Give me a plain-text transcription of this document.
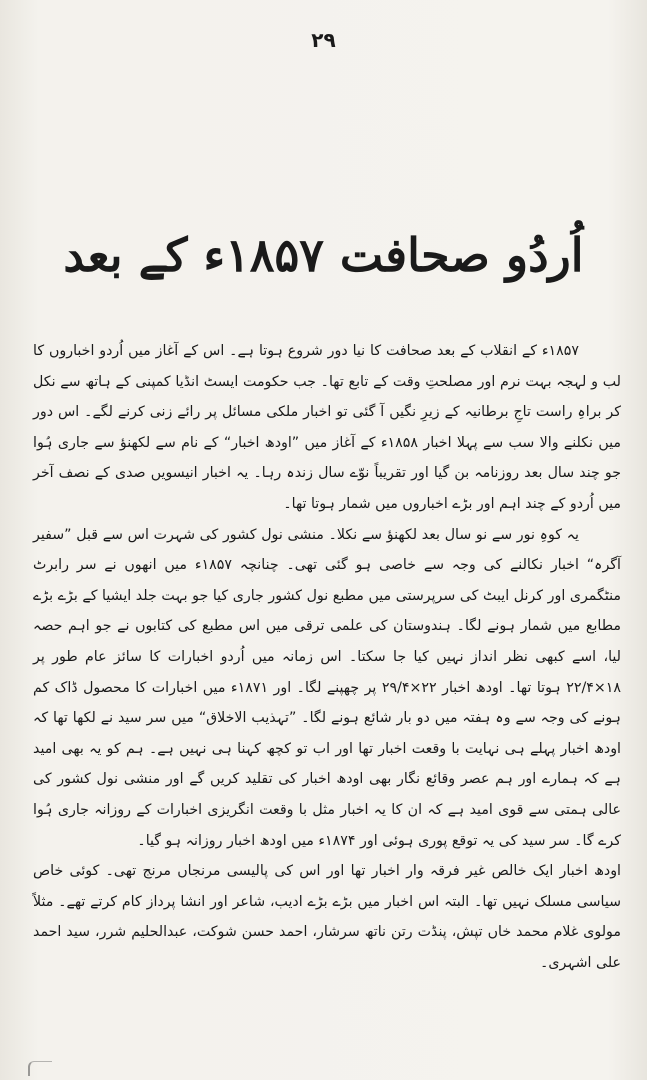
۲۹
اُردُو صحافت ۱۸۵۷ء کے بعد

۱۸۵۷ء کے انقلاب کے بعد صحافت کا نیا دور شروع ہوتا ہے۔ اس کے آغاز میں اُردو اخباروں کا لب و لہجہ بہت نرم اور مصلحتِ وقت کے تابع تھا۔ جب حکومت ایسٹ انڈیا کمپنی کے ہاتھ سے نکل کر براہِ راست تاجِ برطانیہ کے زیرِ نگیں آ گئی تو اخبار ملکی مسائل پر رائے زنی کرنے لگے۔ اس دور میں نکلنے والا سب سے پہلا اخبار ۱۸۵۸ء کے آغاز میں ”اودھ اخبار“ کے نام سے لکھنؤ سے جاری ہُوا جو چند سال بعد روزنامہ بن گیا اور تقریباً نوّے سال زندہ رہا۔ یہ اخبار انیسویں صدی کے نصف آخر میں اُردو کے چند اہم اور بڑے اخباروں میں شمار ہوتا تھا۔

یہ کوہِ نور سے نو سال بعد لکھنؤ سے نکلا۔ منشی نول کشور کی شہرت اس سے قبل ”سفیر آگرہ“ اخبار نکالنے کی وجہ سے خاصی ہو گئی تھی۔ چنانچہ ۱۸۵۷ء میں انھوں نے سر رابرٹ منٹگمری اور کرنل ایبٹ کی سرپرستی میں مطبع نول کشور جاری کیا جو بہت جلد ایشیا کے بڑے بڑے مطابع میں شمار ہونے لگا۔ ہندوستان کی علمی ترقی میں اس مطبع کی کتابوں نے جو اہم حصہ لیا، اسے کبھی نظر انداز نہیں کیا جا سکتا۔ اس زمانہ میں اُردو اخبارات کا سائز عام طور پر ۱۸×۲۲/۴ ہوتا تھا۔ اودھ اخبار ۲۲×۲۹/۴ پر چھپنے لگا۔ اور ۱۸۷۱ء میں اخبارات کا محصول ڈاک کم ہونے کی وجہ سے وہ ہفتہ میں دو بار شائع ہونے لگا۔ ”تہذیب الاخلاق“ میں سر سید نے لکھا تھا کہ اودھ اخبار پہلے ہی نہایت با وقعت اخبار تھا اور اب تو کچھ کہنا ہی نہیں ہے۔ ہم کو یہ بھی امید ہے کہ ہمارے اور ہم عصر وقائع نگار بھی اودھ اخبار کی تقلید کریں گے اور منشی نول کشور کی عالی ہمتی سے قوی امید ہے کہ ان کا یہ اخبار مثل با وقعت انگریزی اخبارات کے روزانہ جاری ہُوا کرے گا۔ سر سید کی یہ توقع پوری ہوئی اور ۱۸۷۴ء میں اودھ اخبار روزانہ ہو گیا۔

اودھ اخبار ایک خالص غیر فرقہ وار اخبار تھا اور اس کی پالیسی مرنجاں مرنج تھی۔ کوئی خاص سیاسی مسلک نہیں تھا۔ البتہ اس اخبار میں بڑے بڑے ادیب، شاعر اور انشا پرداز کام کرتے تھے۔ مثلاً مولوی غلام محمد خاں تپش، پنڈت رتن ناتھ سرشار، احمد حسن شوکت، عبدالحلیم شرر، سید احمد علی اشہری۔
